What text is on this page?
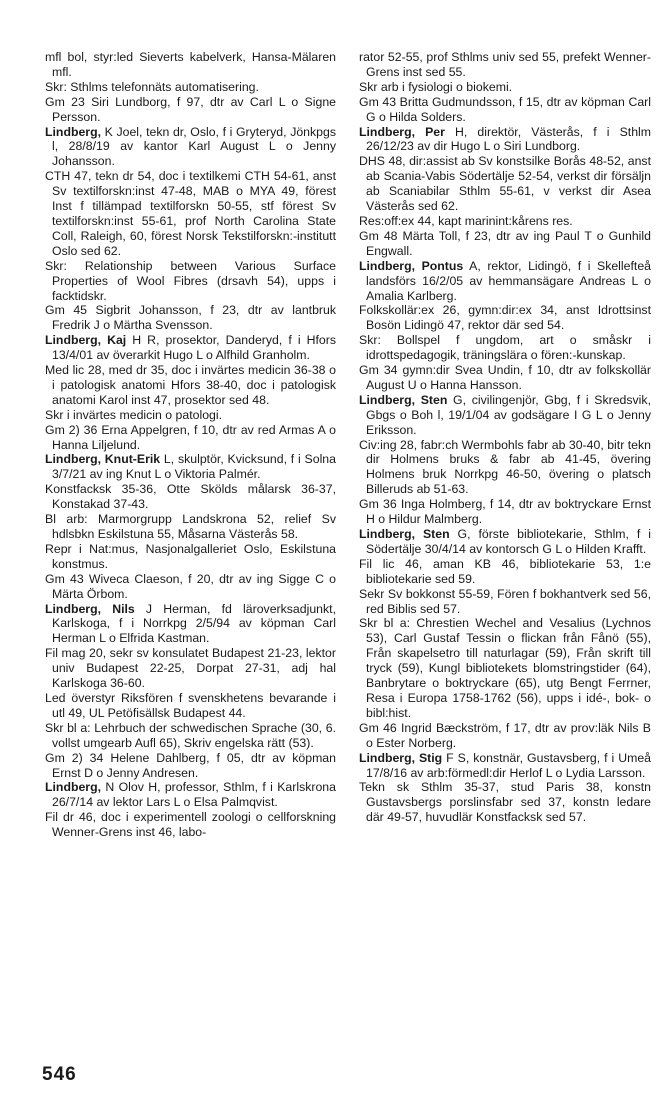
mfl bol, styr:led Sieverts kabelverk, Hansa-Mälaren mfl.

Skr: Sthlms telefonnäts automatisering.

Gm 23 Siri Lundborg, f 97, dtr av Carl L o Signe Persson.

Lindberg, K Joel, tekn dr, Oslo, f i Gryteryd, Jönkpgs l, 28/8/19 av kantor Karl August L o Jenny Johansson.

CTH 47, tekn dr 54, doc i textilkemi CTH 54-61, anst Sv textilforskn:inst 47-48, MAB o MYA 49, förest Inst f tillämpad textilforskn 50-55, stf förest Sv textilforskn:inst 55-61, prof North Carolina State Coll, Raleigh, 60, förest Norsk Tekstilforskn:-institutt Oslo sed 62.

Skr: Relationship between Various Surface Properties of Wool Fibres (drsavh 54), upps i facktidskr.

Gm 45 Sigbrit Johansson, f 23, dtr av lantbruk Fredrik J o Märtha Svensson.

Lindberg, Kaj H R, prosektor, Danderyd, f i Hfors 13/4/01 av överarkit Hugo L o Alfhild Granholm.

Med lic 28, med dr 35, doc i invärtes medicin 36-38 o i patologisk anatomi Hfors 38-40, doc i patologisk anatomi Karol inst 47, prosektor sed 48.

Skr i invärtes medicin o patologi.

Gm 2) 36 Erna Appelgren, f 10, dtr av red Armas A o Hanna Liljelund.

Lindberg, Knut-Erik L, skulptör, Kvicksund, f i Solna 3/7/21 av ing Knut L o Viktoria Palmér.

Konstfacksk 35-36, Otte Skölds målarsk 36-37, Konstakad 37-43.

Bl arb: Marmorgrupp Landskrona 52, relief Sv hdlsbkn Eskilstuna 55, Måsarna Västerås 58.

Repr i Nat:mus, Nasjonalgalleriet Oslo, Eskilstuna konstmus.

Gm 43 Wiveca Claeson, f 20, dtr av ing Sigge C o Märta Örbom.

Lindberg, Nils J Herman, fd läroverksadjunkt, Karlskoga, f i Norrkpg 2/5/94 av köpman Carl Herman L o Elfrida Kastman.

Fil mag 20, sekr sv konsulatet Budapest 21-23, lektor univ Budapest 22-25, Dorpat 27-31, adj hal Karlskoga 36-60.

Led överstyr Riksfören f svenskhetens bevarande i utl 49, UL Petöfisällsk Budapest 44.

Skr bl a: Lehrbuch der schwedischen Sprache (30, 6. vollst umgearb Aufl 65), Skriv engelska rätt (53).

Gm 2) 34 Helene Dahlberg, f 05, dtr av köpman Ernst D o Jenny Andresen.

Lindberg, N Olov H, professor, Sthlm, f i Karlskrona 26/7/14 av lektor Lars L o Elsa Palmqvist.

Fil dr 46, doc i experimentell zoologi o cellforskning Wenner-Grens inst 46, labo-

rator 52-55, prof Sthlms univ sed 55, prefekt Wenner-Grens inst sed 55.

Skr arb i fysiologi o biokemi.

Gm 43 Britta Gudmundsson, f 15, dtr av köpman Carl G o Hilda Solders.

Lindberg, Per H, direktör, Västerås, f i Sthlm 26/12/23 av dir Hugo L o Siri Lundborg.

DHS 48, dir:assist ab Sv konstsilke Borås 48-52, anst ab Scania-Vabis Södertälje 52-54, verkst dir försäljn ab Scaniabilar Sthlm 55-61, v verkst dir Asea Västerås sed 62.

Res:off:ex 44, kapt marinint:kårens res.

Gm 48 Märta Toll, f 23, dtr av ing Paul T o Gunhild Engwall.

Lindberg, Pontus A, rektor, Lidingö, f i Skellefteå landsförs 16/2/05 av hemmansägare Andreas L o Amalia Karlberg.

Folkskollär:ex 26, gymn:dir:ex 34, anst Idrottsinst Bosön Lidingö 47, rektor där sed 54.

Skr: Bollspel f ungdom, art o småskr i idrottspedagogik, träningslära o fören:-kunskap.

Gm 34 gymn:dir Svea Undin, f 10, dtr av folkskollär August U o Hanna Hansson.

Lindberg, Sten G, civilingenjör, Gbg, f i Skredsvik, Gbgs o Boh l, 19/1/04 av godsägare I G L o Jenny Eriksson.

Civ:ing 28, fabr:ch Wermbohls fabr ab 30-40, bitr tekn dir Holmens bruks & fabr ab 41-45, övering Holmens bruk Norrkpg 46-50, övering o platsch Billeruds ab 51-63.

Gm 36 Inga Holmberg, f 14, dtr av boktryckare Ernst H o Hildur Malmberg.

Lindberg, Sten G, förste bibliotekarie, Sthlm, f i Södertälje 30/4/14 av kontorsch G L o Hilden Krafft.

Fil lic 46, aman KB 46, bibliotekarie 53, 1:e bibliotekarie sed 59.

Sekr Sv bokkonst 55-59, Fören f bokhantverk sed 56, red Biblis sed 57.

Skr bl a: Chrestien Wechel and Vesalius (Lychnos 53), Carl Gustaf Tessin o flickan från Fånö (55), Från skapelsetro till naturlagar (59), Från skrift till tryck (59), Kungl bibliotekets blomstringstider (64), Banbrytare o boktryckare (65), utg Bengt Ferrner, Resa i Europa 1758-1762 (56), upps i idé-, bok- o bibl:hist.

Gm 46 Ingrid Bæckström, f 17, dtr av prov:läk Nils B o Ester Norberg.

Lindberg, Stig F S, konstnär, Gustavsberg, f i Umeå 17/8/16 av arb:förmedl:dir Herlof L o Lydia Larsson.

Tekn sk Sthlm 35-37, stud Paris 38, konstn Gustavsbergs porslinsfabr sed 37, konstn ledare där 49-57, huvudlär Konstfacksk sed 57.

546
